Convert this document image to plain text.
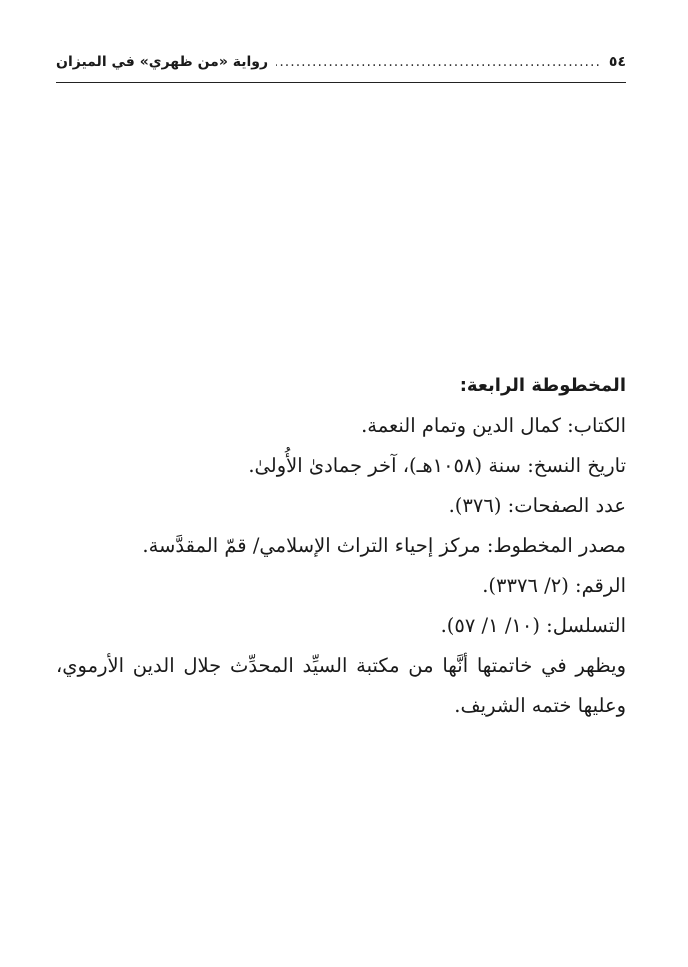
٥٤
.....
رواية «من ظهري» في الميزان
المخطوطة الرابعة:
الكتاب: كمال الدين وتمام النعمة.
تاريخ النسخ: سنة (١٠٥٨هـ)، آخر جمادىٰ الأُولىٰ.
عدد الصفحات: (٣٧٦).
مصدر المخطوط: مركز إحياء التراث الإسلامي/ قمّ المقدَّسة.
الرقم: (٢/ ٣٣٧٦).
التسلسل: (١٠/ ١/ ٥٧).
ويظهر في خاتمتها أنَّها من مكتبة السيِّد المحدِّث جلال الدين الأرموي، وعليها ختمه الشريف.
